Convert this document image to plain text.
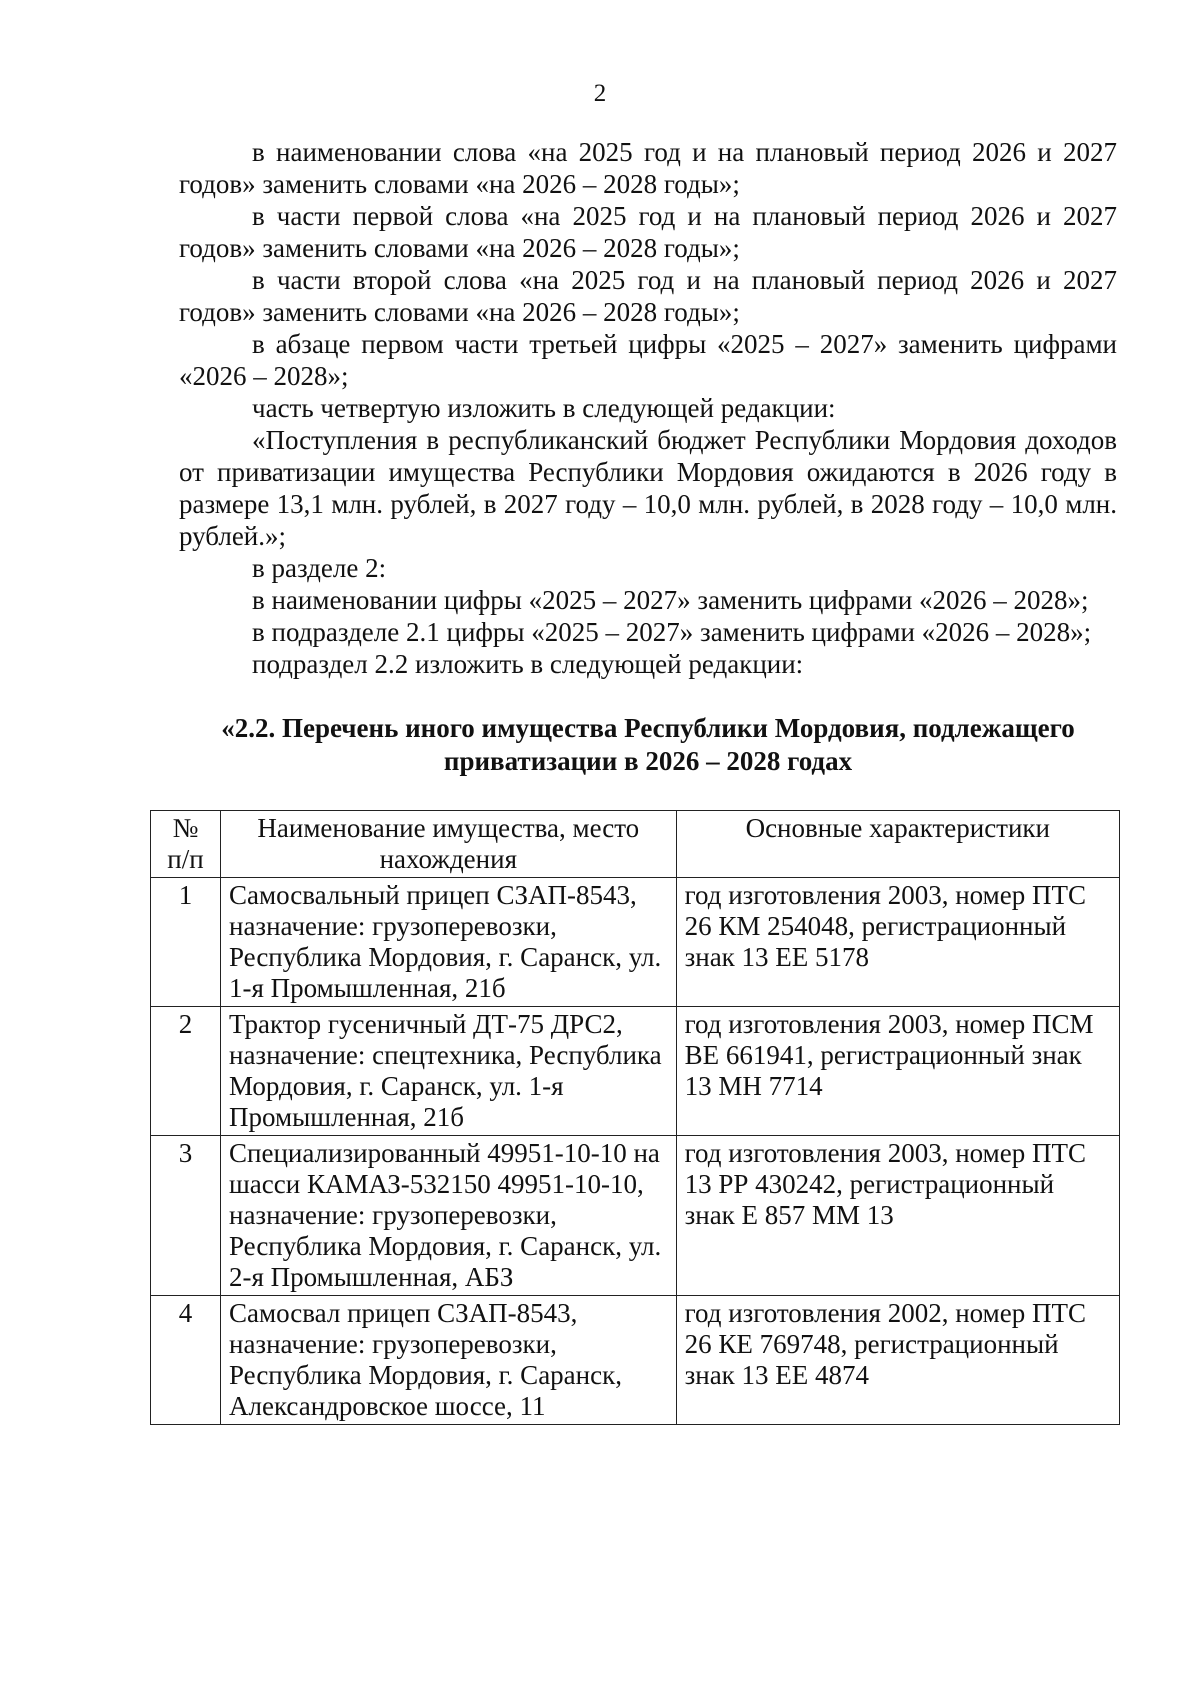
2

в наименовании слова «на 2025 год и на плановый период 2026 и 2027 годов» заменить словами «на 2026 – 2028 годы»;

в части первой слова «на 2025 год и на плановый период 2026 и 2027 годов» заменить словами «на 2026 – 2028 годы»;

в части второй слова «на 2025 год и на плановый период 2026 и 2027 годов» заменить словами «на 2026 – 2028 годы»;

в абзаце первом части третьей цифры «2025 – 2027» заменить цифрами «2026 – 2028»;

часть четвертую изложить в следующей редакции:

«Поступления в республиканский бюджет Республики Мордовия доходов от приватизации имущества Республики Мордовия ожидаются в 2026 году в размере 13,1 млн. рублей, в 2027 году – 10,0 млн. рублей, в 2028 году – 10,0 млн. рублей.»;

в разделе 2:

в наименовании цифры «2025 – 2027» заменить цифрами «2026 – 2028»;

в подразделе 2.1 цифры «2025 – 2027» заменить цифрами «2026 – 2028»;

подраздел 2.2 изложить в следующей редакции:

«2.2. Перечень иного имущества Республики Мордовия, подлежащего приватизации в 2026 – 2028 годах
№ п/п	Наименование имущества, место нахождения	Основные характеристики
1	Самосвальный прицеп СЗАП-8543, назначение: грузоперевозки, Республика Мордовия, г. Саранск, ул. 1-я Промышленная, 21б	год изготовления 2003, номер ПТС 26 КМ 254048, регистрационный знак 13 ЕЕ 5178
2	Трактор гусеничный ДТ-75 ДРС2, назначение: спецтехника, Республика Мордовия, г. Саранск, ул. 1-я Промышленная, 21б	год изготовления 2003, номер ПСМ ВЕ 661941, регистрационный знак 13 МН 7714
3	Специализированный 49951-10-10 на шасси КАМАЗ-532150 49951-10-10, назначение: грузоперевозки, Республика Мордовия, г. Саранск, ул. 2-я Промышленная, АБЗ	год изготовления 2003, номер ПТС 13 РР 430242, регистрационный знак Е 857 ММ 13
4	Самосвал прицеп СЗАП-8543, назначение: грузоперевозки, Республика Мордовия, г. Саранск, Александровское шоссе, 11	год изготовления 2002, номер ПТС 26 КЕ 769748, регистрационный знак 13 ЕЕ 4874
